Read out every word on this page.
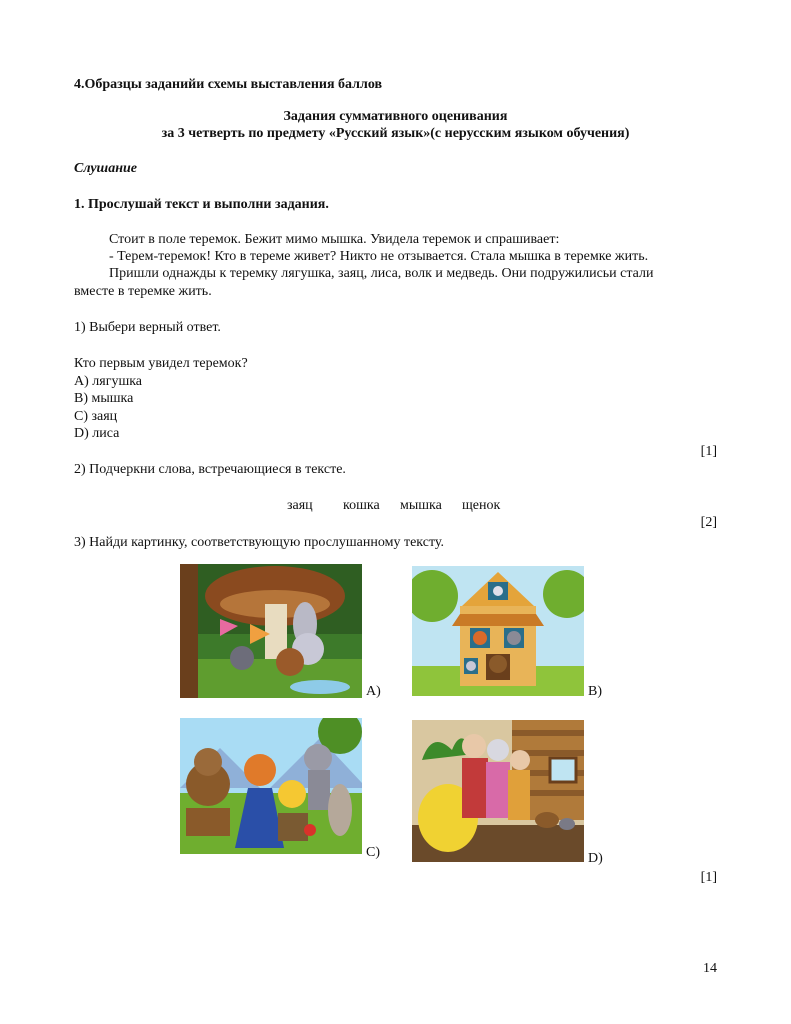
4.Образцы заданийи схемы выставления баллов
Задания суммативного оценивания
за 3 четверть по предмету «Русский язык»(с нерусским языком обучения)
Слушание
1. Прослушай текст и выполни задания.
Стоит в поле теремок. Бежит мимо мышка. Увидела теремок и спрашивает:
- Терем-теремок! Кто в тереме живет? Никто не отзывается. Стала мышка в теремке жить.
Пришли однажды к теремку лягушка, заяц, лиса, волк и медведь. Они подружилисьи стали
вместе в теремке жить.
1) Выбери верный ответ.
Кто первым увидел теремок?
A) лягушка
B) мышка
C) заяц
D) лиса
[1]
2) Подчеркни слова, встречающиеся в тексте.
заяц кошка мышка щенок
[2]
3) Найди картинку, соответствующую прослушанному тексту.
A)	B)
C)	D)
[1]
14
